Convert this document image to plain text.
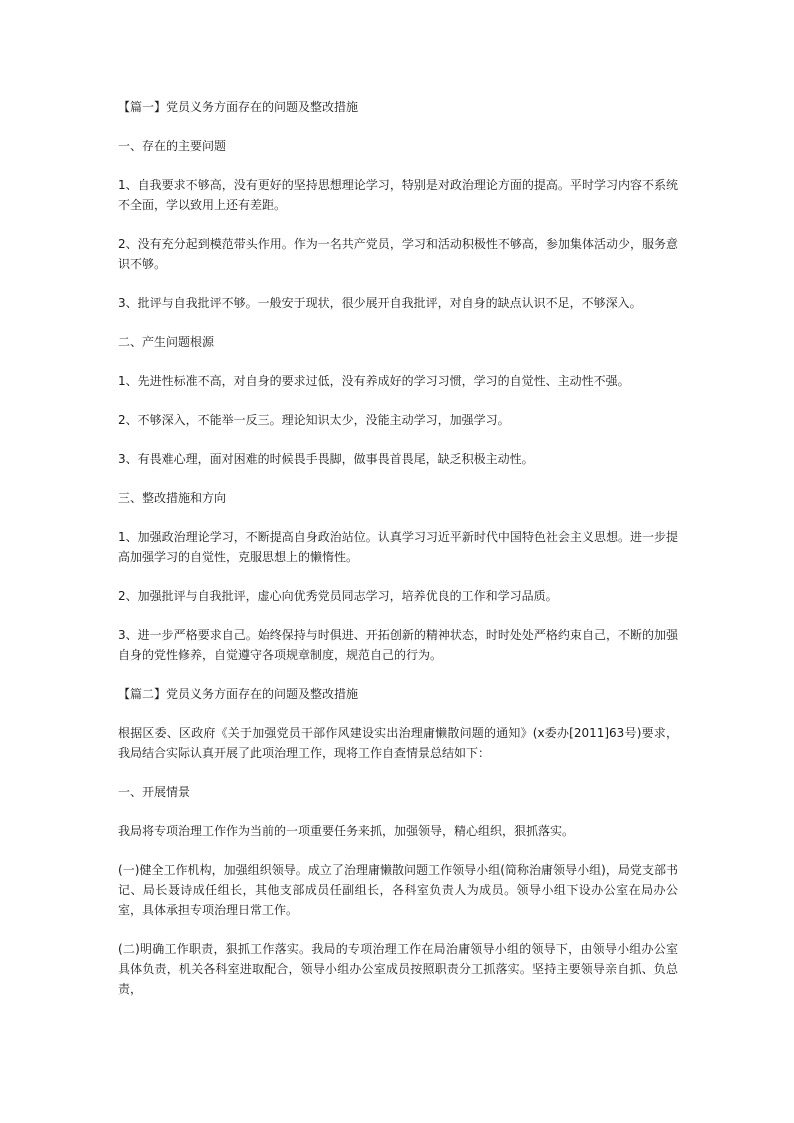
【篇一】党员义务方面存在的问题及整改措施

一、存在的主要问题

1、自我要求不够高，没有更好的坚持思想理论学习，特别是对政治理论方面的提高。平时学习内容不系统不全面，学以致用上还有差距。

2、没有充分起到模范带头作用。作为一名共产党员，学习和活动积极性不够高，参加集体活动少，服务意识不够。

3、批评与自我批评不够。一般安于现状，很少展开自我批评，对自身的缺点认识不足，不够深入。

二、产生问题根源

1、先进性标准不高，对自身的要求过低，没有养成好的学习习惯，学习的自觉性、主动性不强。

2、不够深入，不能举一反三。理论知识太少，没能主动学习，加强学习。

3、有畏难心理，面对困难的时候畏手畏脚，做事畏首畏尾，缺乏积极主动性。

三、整改措施和方向

1、加强政治理论学习，不断提高自身政治站位。认真学习习近平新时代中国特色社会主义思想。进一步提高加强学习的自觉性，克服思想上的懒惰性。

2、加强批评与自我批评，虚心向优秀党员同志学习，培养优良的工作和学习品质。

3、进一步严格要求自己。始终保持与时俱进、开拓创新的精神状态，时时处处严格约束自己，不断的加强自身的党性修养，自觉遵守各项规章制度，规范自己的行为。

【篇二】党员义务方面存在的问题及整改措施

根据区委、区政府《关于加强党员干部作风建设实出治理庸懒散问题的通知》(x委办[2011]63号)要求，我局结合实际认真开展了此项治理工作，现将工作自查情景总结如下：

一、开展情景

我局将专项治理工作作为当前的一项重要任务来抓，加强领导，精心组织，狠抓落实。

(一)健全工作机构，加强组织领导。成立了治理庸懒散问题工作领导小组(简称治庸领导小组)，局党支部书记、局长聂诗成任组长，其他支部成员任副组长，各科室负责人为成员。领导小组下设办公室在局办公室，具体承担专项治理日常工作。

(二)明确工作职责，狠抓工作落实。我局的专项治理工作在局治庸领导小组的领导下，由领导小组办公室具体负责，机关各科室进取配合，领导小组办公室成员按照职责分工抓落实。坚持主要领导亲自抓、负总责，
